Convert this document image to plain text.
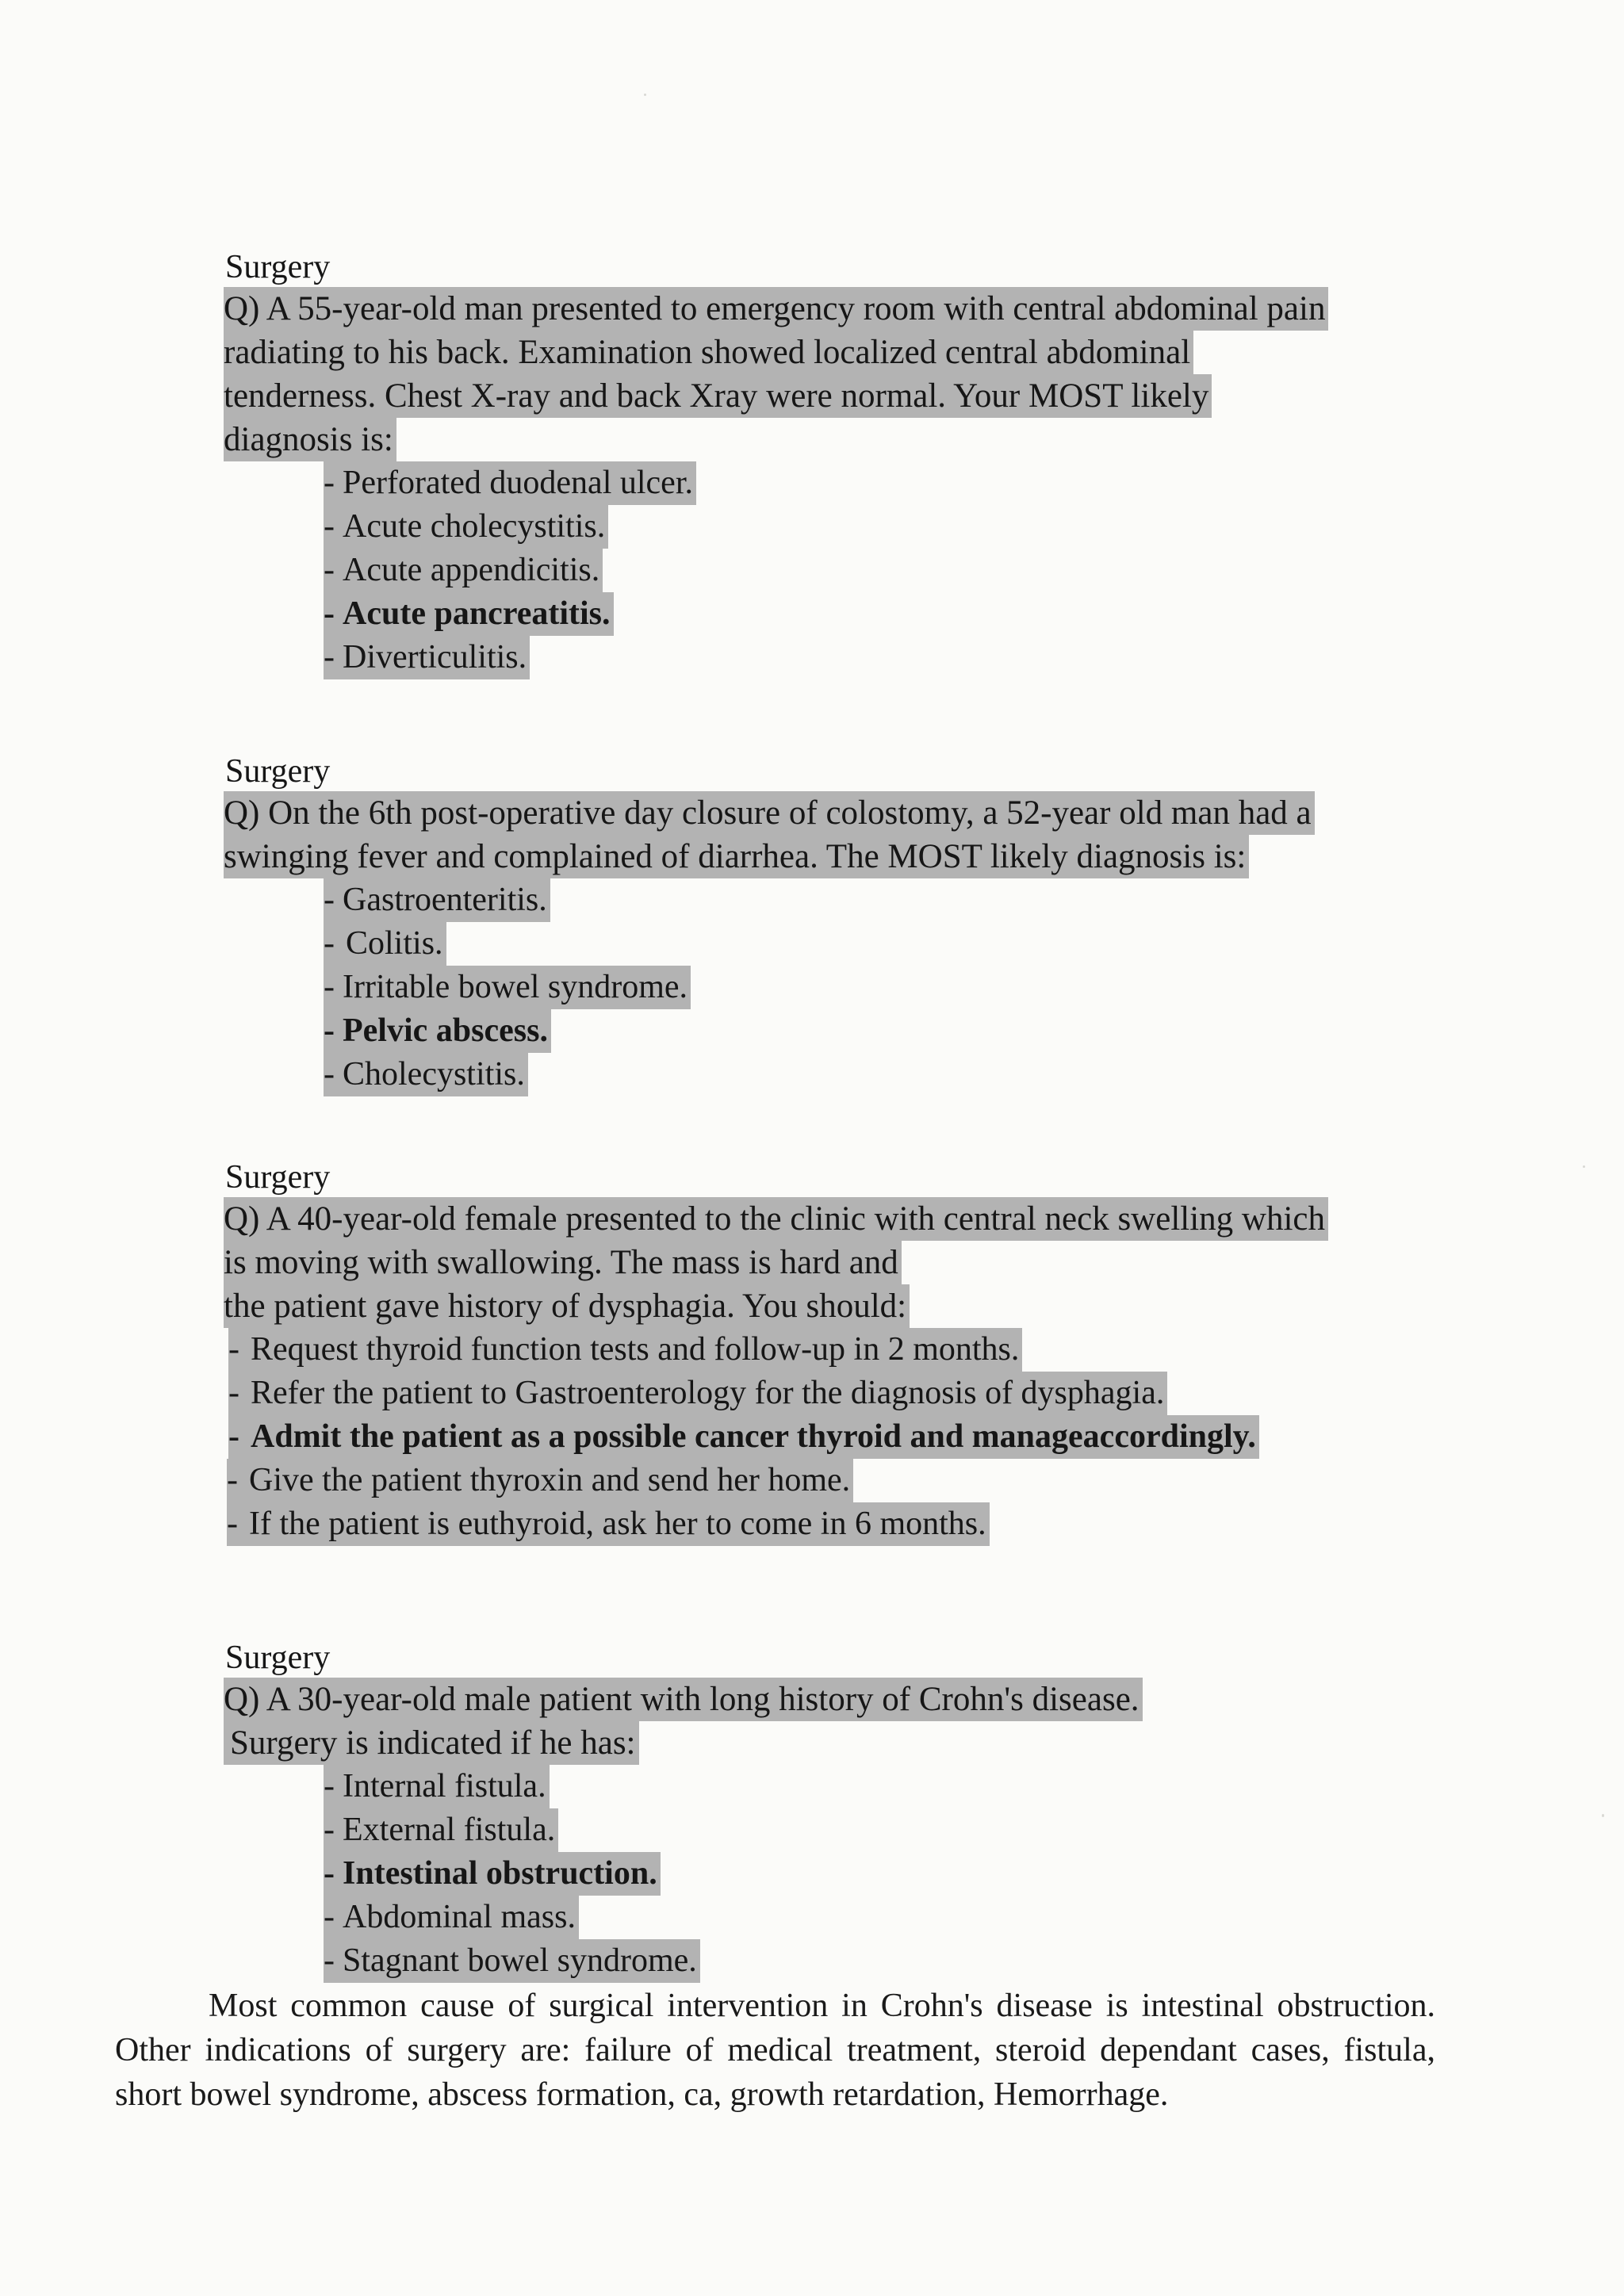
Surgery
Q) A 55-year-old man presented to emergency room with central abdominal pain
radiating to his back. Examination showed localized central abdominal
tenderness. Chest X-ray and back Xray were normal. Your MOST likely
diagnosis is:
- Perforated duodenal ulcer.
- Acute cholecystitis.
- Acute appendicitis.
- Acute pancreatitis.
- Diverticulitis.
Surgery
Q) On the 6th post-operative day closure of colostomy, a 52-year old man had a
swinging fever and complained of diarrhea. The MOST likely diagnosis is:
- Gastroenteritis.
- Colitis.
- Irritable bowel syndrome.
- Pelvic abscess.
- Cholecystitis.
Surgery
Q) A 40-year-old female presented to the clinic with central neck swelling which
is moving with swallowing. The mass is hard and
the patient gave history of dysphagia. You should:
- Request thyroid function tests and follow-up in 2 months.
- Refer the patient to Gastroenterology for the diagnosis of dysphagia.
- Admit the patient as a possible cancer thyroid and manageaccordingly.
- Give the patient thyroxin and send her home.
- If the patient is euthyroid, ask her to come in 6 months.
Surgery
Q) A 30-year-old male patient with long history of Crohn's disease.
Surgery is indicated if he has:
- Internal fistula.
- External fistula.
- Intestinal obstruction.
- Abdominal mass.
- Stagnant bowel syndrome.
Most common cause of surgical intervention in Crohn's disease is intestinal obstruction. Other indications of surgery are: failure of medical treatment, steroid dependant cases, fistula, short bowel syndrome, abscess formation, ca, growth retardation, Hemorrhage.
